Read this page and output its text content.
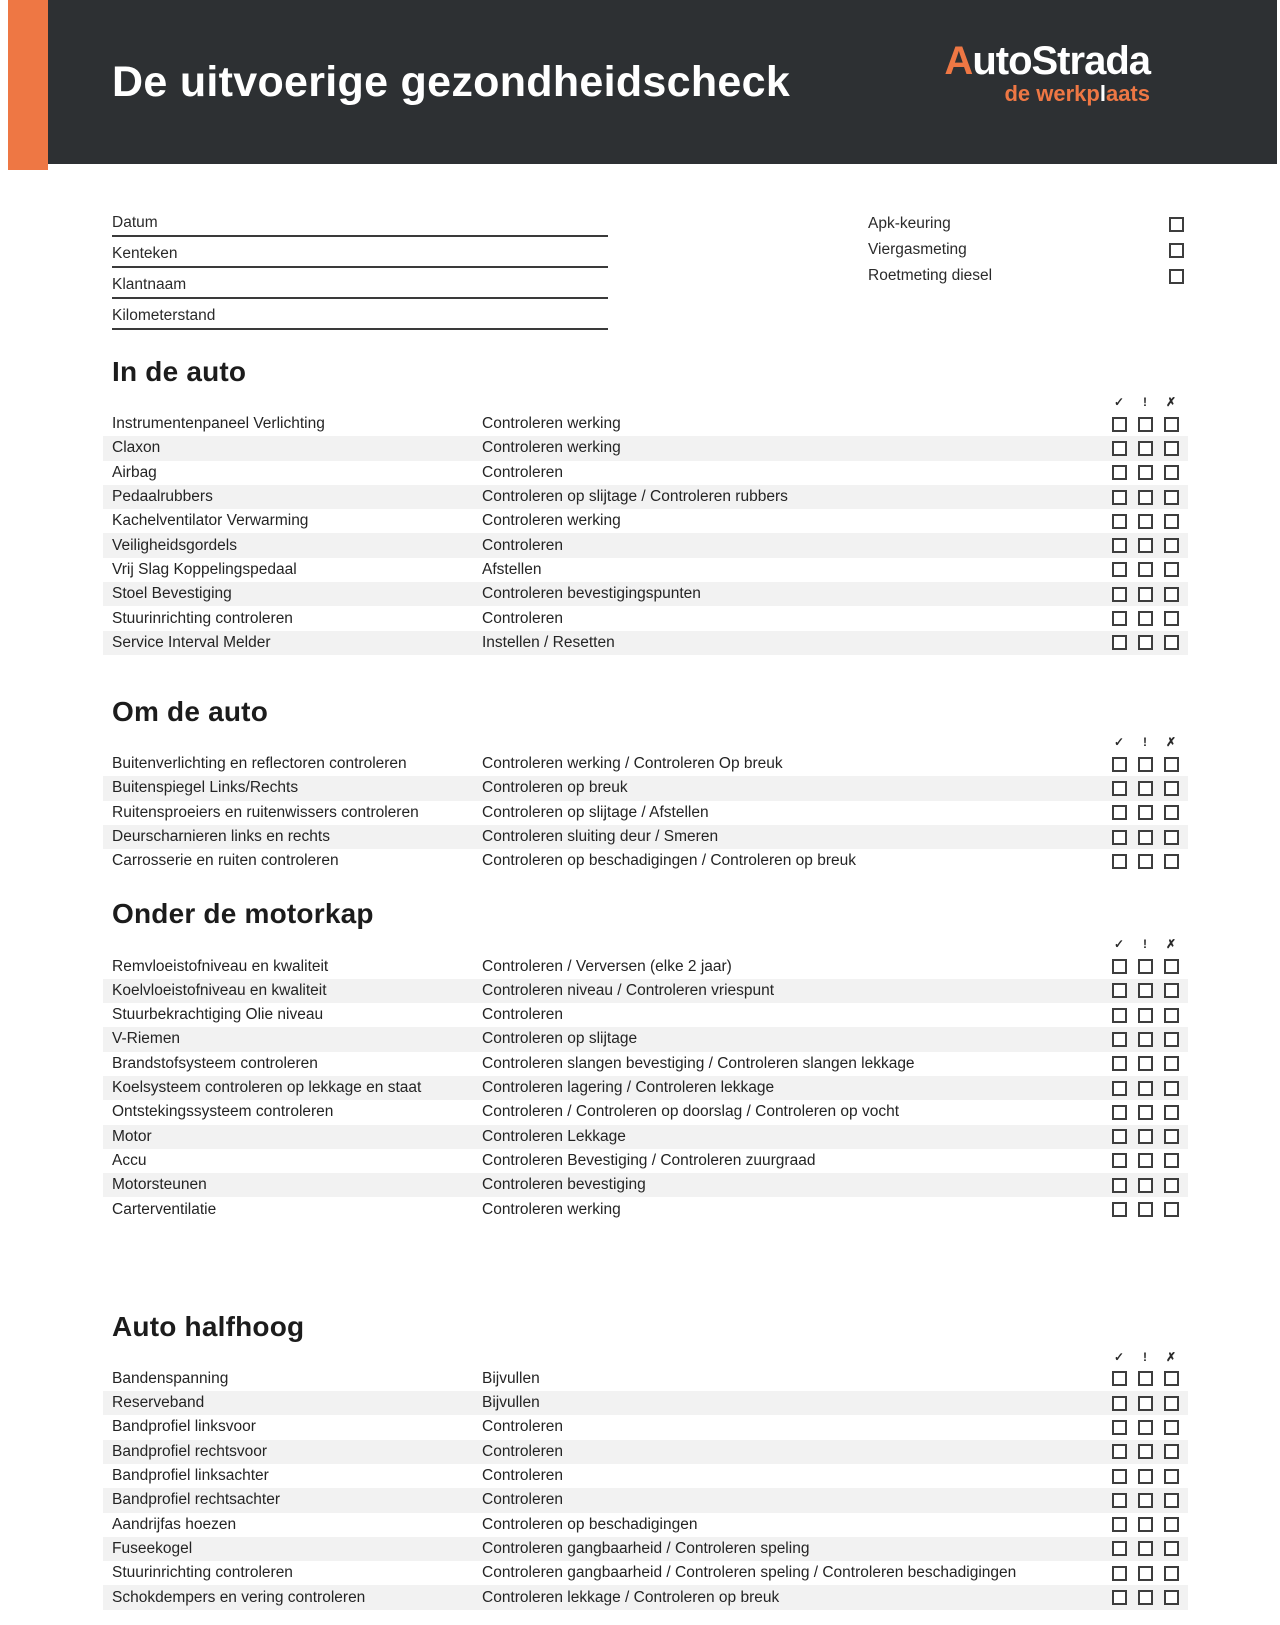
De uitvoerige gezondheidscheck	AutoStrada
de werkplaats
Datum
Kenteken
Klantnaam
Kilometerstand
Apk-keuring
Viergasmeting
Roetmeting diesel
In de auto
✓ ! ✗
Instrumentenpaneel Verlichting	Controleren werking
Claxon	Controleren werking
Airbag	Controleren
Pedaalrubbers	Controleren op slijtage / Controleren rubbers
Kachelventilator Verwarming	Controleren werking
Veiligheidsgordels	Controleren
Vrij Slag Koppelingspedaal	Afstellen
Stoel Bevestiging	Controleren bevestigingspunten
Stuurinrichting controleren	Controleren
Service Interval Melder	Instellen / Resetten
Om de auto
✓ ! ✗
Buitenverlichting en reflectoren controleren	Controleren werking / Controleren Op breuk
Buitenspiegel Links/Rechts	Controleren op breuk
Ruitensproeiers en ruitenwissers controleren	Controleren op slijtage / Afstellen
Deurscharnieren links en rechts	Controleren sluiting deur / Smeren
Carrosserie en ruiten controleren	Controleren op beschadigingen / Controleren op breuk
Onder de motorkap
✓ ! ✗
Remvloeistofniveau en kwaliteit	Controleren / Verversen (elke 2 jaar)
Koelvloeistofniveau en kwaliteit	Controleren niveau / Controleren vriespunt
Stuurbekrachtiging Olie niveau	Controleren
V-Riemen	Controleren op slijtage
Brandstofsysteem controleren	Controleren slangen bevestiging / Controleren slangen lekkage
Koelsysteem controleren op lekkage en staat	Controleren lagering / Controleren lekkage
Ontstekingssysteem controleren	Controleren / Controleren op doorslag / Controleren op vocht
Motor	Controleren Lekkage
Accu	Controleren Bevestiging / Controleren zuurgraad
Motorsteunen	Controleren bevestiging
Carterventilatie	Controleren werking
Auto halfhoog
✓ ! ✗
Bandenspanning	Bijvullen
Reserveband	Bijvullen
Bandprofiel linksvoor	Controleren
Bandprofiel rechtsvoor	Controleren
Bandprofiel linksachter	Controleren
Bandprofiel rechtsachter	Controleren
Aandrijfas hoezen	Controleren op beschadigingen
Fuseekogel	Controleren gangbaarheid / Controleren speling
Stuurinrichting controleren	Controleren gangbaarheid / Controleren speling / Controleren beschadigingen
Schokdempers en vering controleren	Controleren lekkage / Controleren op breuk
